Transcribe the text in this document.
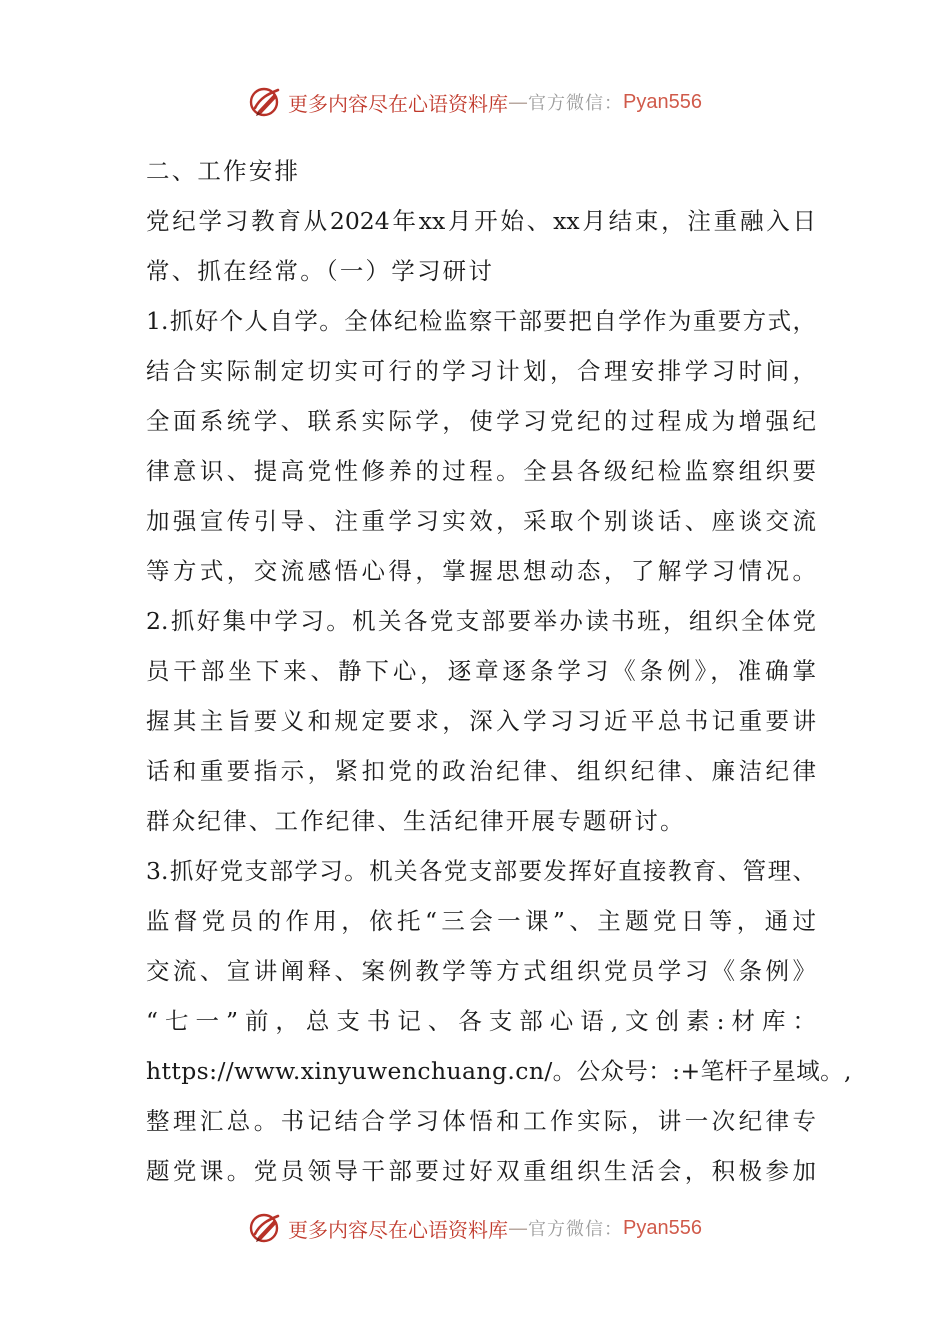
更多内容尽在心语资料库 — 官方微信： Pyan556
二、工作安排
党纪学习教育从2024年xx月开始、xx月结束，注重融入日
常、抓在经常。（一）学习研讨
1.抓好个人自学。全体纪检监察干部要把自学作为重要方式，
结合实际制定切实可行的学习计划，合理安排学习时间，
全面系统学、联系实际学，使学习党纪的过程成为增强纪
律意识、提高党性修养的过程。全县各级纪检监察组织要
加强宣传引导、注重学习实效，采取个别谈话、座谈交流
等方式，交流感悟心得，掌握思想动态，了解学习情况。
2.抓好集中学习。机关各党支部要举办读书班，组织全体党
员干部坐下来、静下心，逐章逐条学习《条例》，准确掌
握其主旨要义和规定要求，深入学习习近平总书记重要讲
话和重要指示，紧扣党的政治纪律、组织纪律、廉洁纪律
群众纪律、工作纪律、生活纪律开展专题研讨。
3.抓好党支部学习。机关各党支部要发挥好直接教育、管理、
监督党员的作用，依托“三会一课”、主题党日等，通过
交流、宣讲阐释、案例教学等方式组织党员学习《条例》
“七一”前，总支书记、各支部心语,文创素:材库：
https://www.xinyuwenchuang.cn/。公众号：:+笔杆子星域。,
整理汇总。书记结合学习体悟和工作实际，讲一次纪律专
题党课。党员领导干部要过好双重组织生活会，积极参加
更多内容尽在心语资料库 — 官方微信： Pyan556
